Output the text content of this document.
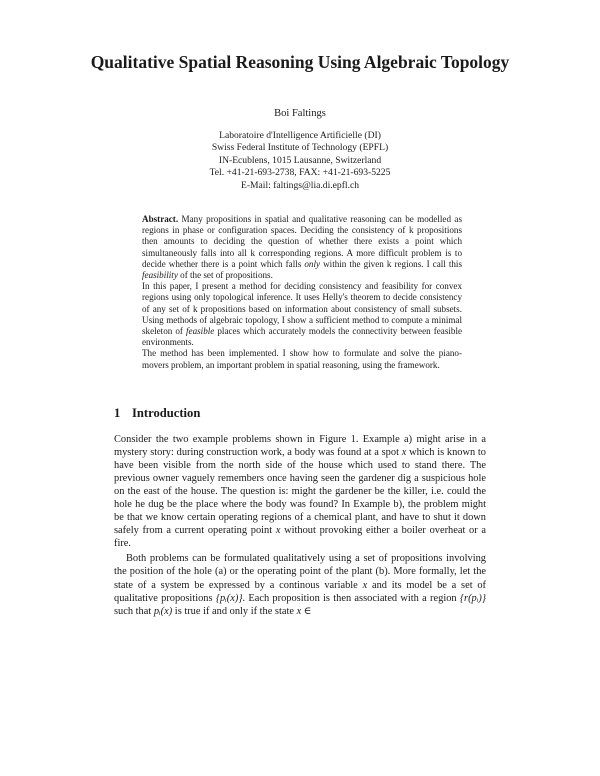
Qualitative Spatial Reasoning Using Algebraic Topology
Boi Faltings
Laboratoire d'Intelligence Artificielle (DI)
Swiss Federal Institute of Technology (EPFL)
IN-Ecublens, 1015 Lausanne, Switzerland
Tel. +41-21-693-2738, FAX: +41-21-693-5225
E-Mail: faltings@lia.di.epfl.ch

Abstract. Many propositions in spatial and qualitative reasoning can be modelled as regions in phase or configuration spaces. Deciding the consistency of k propositions then amounts to deciding the question of whether there exists a point which simultaneously falls into all k corresponding regions. A more difficult problem is to decide whether there is a point which falls only within the given k regions. I call this feasibility of the set of propositions.

In this paper, I present a method for deciding consistency and feasibility for convex regions using only topological inference. It uses Helly's theorem to decide consistency of any set of k propositions based on information about consistency of small subsets. Using methods of algebraic topology, I show a sufficient method to compute a minimal skeleton of feasible places which accurately models the connectivity between feasible environments.

The method has been implemented. I show how to formulate and solve the piano-movers problem, an important problem in spatial reasoning, using the framework.

1 Introduction

Consider the two example problems shown in Figure 1. Example a) might arise in a mystery story: during construction work, a body was found at a spot x which is known to have been visible from the north side of the house which used to stand there. The previous owner vaguely remembers once having seen the gardener dig a suspicious hole on the east of the house. The question is: might the gardener be the killer, i.e. could the hole he dug be the place where the body was found? In Example b), the problem might be that we know certain operating regions of a chemical plant, and have to shut it down safely from a current operating point x without provoking either a boiler overheat or a fire.

Both problems can be formulated qualitatively using a set of propositions involving the position of the hole (a) or the operating point of the plant (b). More formally, let the state of a system be expressed by a continous variable x and its model be a set of qualitative propositions {pᵢ(x)}. Each proposition is then associated with a region {r(pᵢ)} such that pᵢ(x) is true if and only if the state x ∈
